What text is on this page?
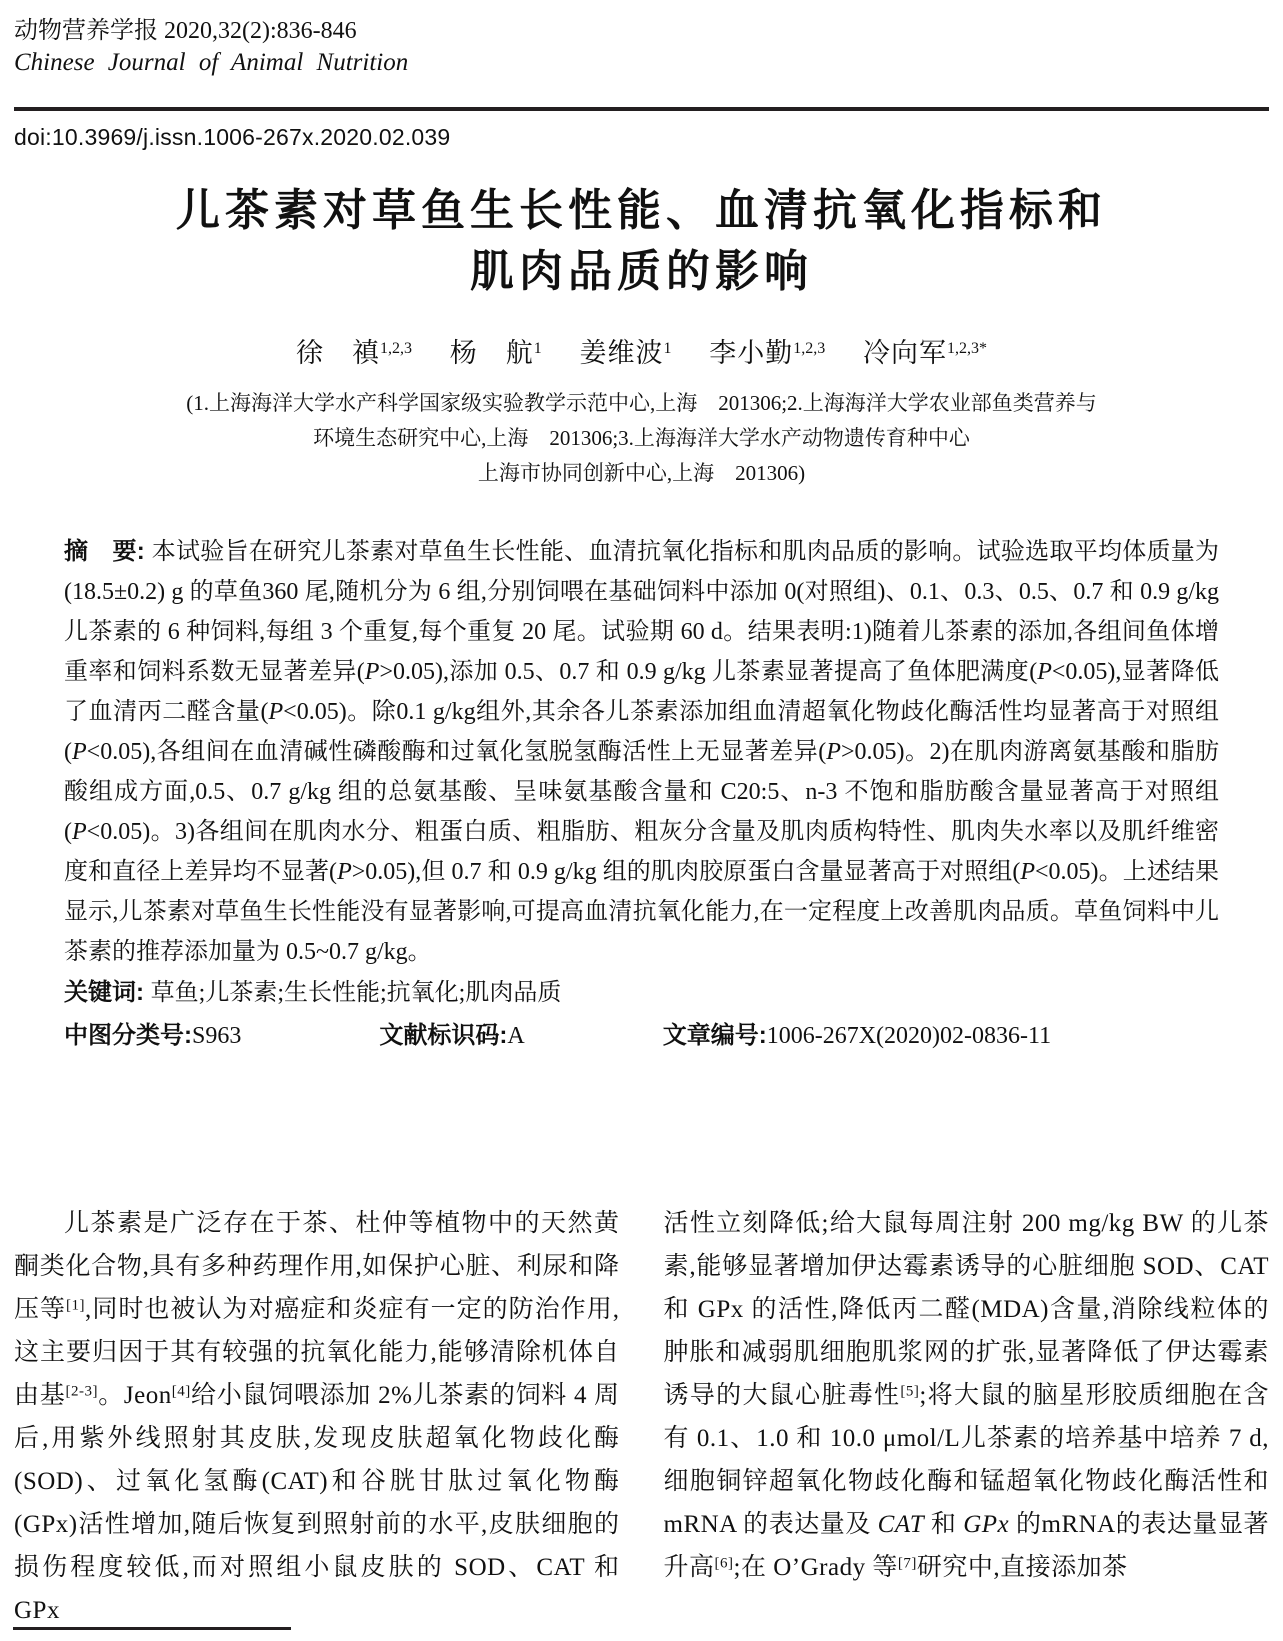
动物营养学报 2020,32(2):836-846
Chinese Journal of Animal Nutrition
doi:10.3969/j.issn.1006-267x.2020.02.039
儿茶素对草鱼生长性能、血清抗氧化指标和
肌肉品质的影响
徐　禛$^{1,2,3}$ 杨　航$^1$ 姜维波$^1$ 李小勤$^{1,2,3}$ 冷向军$^{1,2,3*}$
(1.上海海洋大学水产科学国家级实验教学示范中心,上海　201306;2.上海海洋大学农业部鱼类营养与
环境生态研究中心,上海　201306;3.上海海洋大学水产动物遗传育种中心
上海市协同创新中心,上海　201306)

摘　要: 本试验旨在研究儿茶素对草鱼生长性能、血清抗氧化指标和肌肉品质的影响。试验选取平均体质量为(18.5±0.2) g 的草鱼360 尾,随机分为 6 组,分别饲喂在基础饲料中添加 0(对照组)、0.1、0.3、0.5、0.7 和 0.9 g/kg 儿茶素的 6 种饲料,每组 3 个重复,每个重复 20 尾。试验期 60 d。结果表明:1)随着儿茶素的添加,各组间鱼体增重率和饲料系数无显著差异(P>0.05),添加 0.5、0.7 和 0.9 g/kg 儿茶素显著提高了鱼体肥满度(P<0.05),显著降低了血清丙二醛含量(P<0.05)。除0.1 g/kg组外,其余各儿茶素添加组血清超氧化物歧化酶活性均显著高于对照组(P<0.05),各组间在血清碱性磷酸酶和过氧化氢脱氢酶活性上无显著差异(P>0.05)。2)在肌肉游离氨基酸和脂肪酸组成方面,0.5、0.7 g/kg 组的总氨基酸、呈味氨基酸含量和 C20:5、n-3 不饱和脂肪酸含量显著高于对照组(P<0.05)。3)各组间在肌肉水分、粗蛋白质、粗脂肪、粗灰分含量及肌肉质构特性、肌肉失水率以及肌纤维密度和直径上差异均不显著(P>0.05),但 0.7 和 0.9 g/kg 组的肌肉胶原蛋白含量显著高于对照组(P<0.05)。上述结果显示,儿茶素对草鱼生长性能没有显著影响,可提高血清抗氧化能力,在一定程度上改善肌肉品质。草鱼饲料中儿茶素的推荐添加量为 0.5~0.7 g/kg。

关键词: 草鱼;儿茶素;生长性能;抗氧化;肌肉品质

中图分类号:S963	文献标识码:A	文章编号:1006-267X(2020)02-0836-11

儿茶素是广泛存在于茶、杜仲等植物中的天然黄酮类化合物,具有多种药理作用,如保护心脏、利尿和降压等[1],同时也被认为对癌症和炎症有一定的防治作用,这主要归因于其有较强的抗氧化能力,能够清除机体自由基[2-3]。Jeon[4]给小鼠饲喂添加 2%儿茶素的饲料 4 周后,用紫外线照射其皮肤,发现皮肤超氧化物歧化酶(SOD)、过氧化氢酶(CAT)和谷胱甘肽过氧化物酶(GPx)活性增加,随后恢复到照射前的水平,皮肤细胞的损伤程度较低,而对照组小鼠皮肤的 SOD、CAT 和 GPx

活性立刻降低;给大鼠每周注射 200 mg/kg BW 的儿茶素,能够显著增加伊达霉素诱导的心脏细胞 SOD、CAT 和 GPx 的活性,降低丙二醛(MDA)含量,消除线粒体的肿胀和减弱肌细胞肌浆网的扩张,显著降低了伊达霉素诱导的大鼠心脏毒性[5];将大鼠的脑星形胶质细胞在含有 0.1、1.0 和 10.0 μmol/L儿茶素的培养基中培养 7 d,细胞铜锌超氧化物歧化酶和锰超氧化物歧化酶活性和 mRNA 的表达量及 CAT 和 GPx 的mRNA的表达量显著升高[6];在 O’Grady 等[7]研究中,直接添加茶
